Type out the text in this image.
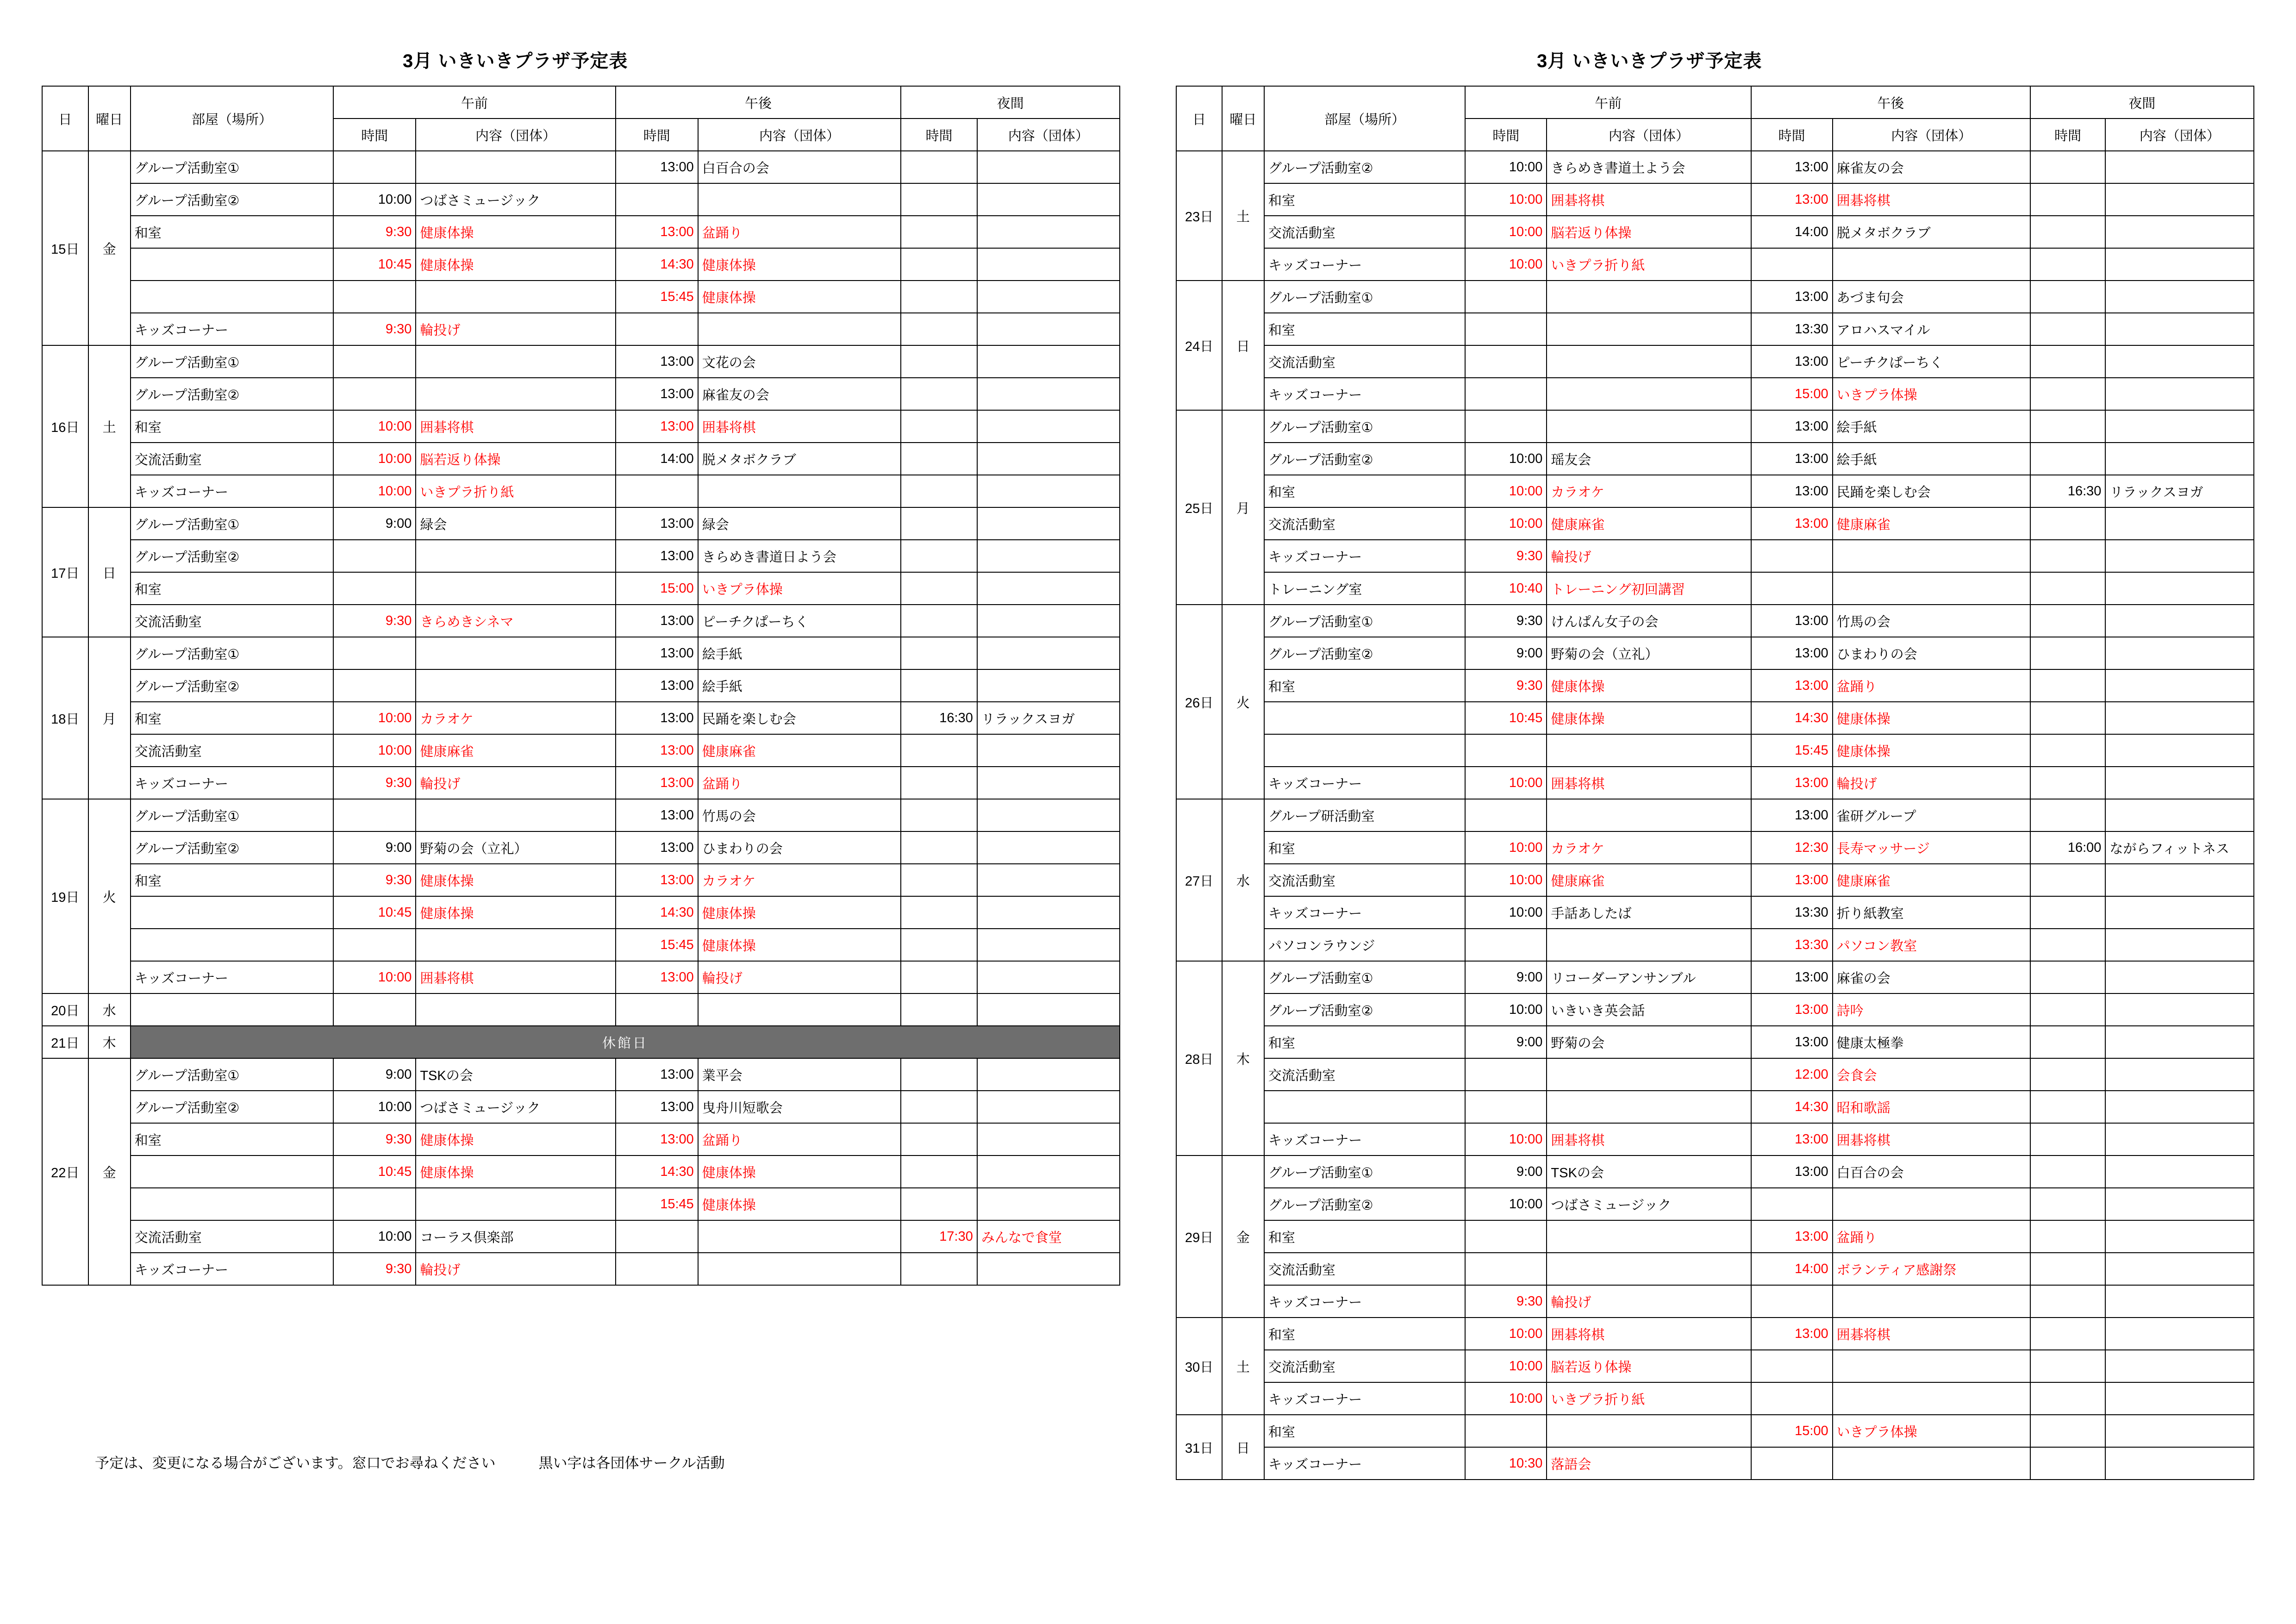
3月 いきいきプラザ予定表
日	曜日	部屋（場所）	午前		午後		夜間	
			時間	内容（団体）	時間	内容（団体）	時間	内容（団体）
15日	金	グループ活動室①			13:00	白百合の会		
		グループ活動室②	10:00	つばさミュージック				
		和室	9:30	健康体操	13:00	盆踊り		
			10:45	健康体操	14:30	健康体操		
					15:45	健康体操		
		キッズコーナー	9:30	輪投げ				
16日	土	グループ活動室①			13:00	文花の会		
		グループ活動室②			13:00	麻雀友の会		
		和室	10:00	囲碁将棋	13:00	囲碁将棋		
		交流活動室	10:00	脳若返り体操	14:00	脱メタボクラブ		
		キッズコーナー	10:00	いきプラ折り紙				
17日	日	グループ活動室①	9:00	緑会	13:00	緑会		
		グループ活動室②			13:00	きらめき書道日よう会		
		和室			15:00	いきプラ体操		
		交流活動室	9:30	きらめきシネマ	13:00	ピーチクぱーちく		
18日	月	グループ活動室①			13:00	絵手紙		
		グループ活動室②			13:00	絵手紙		
		和室	10:00	カラオケ	13:00	民踊を楽しむ会	16:30	リラックスヨガ
		交流活動室	10:00	健康麻雀	13:00	健康麻雀		
		キッズコーナー	9:30	輪投げ	13:00	盆踊り		
19日	火	グループ活動室①			13:00	竹馬の会		
		グループ活動室②	9:00	野菊の会（立礼）	13:00	ひまわりの会		
		和室	9:30	健康体操	13:00	カラオケ		
			10:45	健康体操	14:30	健康体操		
					15:45	健康体操		
		キッズコーナー	10:00	囲碁将棋	13:00	輪投げ		
20日	水							
21日	木	休館日						
22日	金	グループ活動室①	9:00	TSKの会	13:00	業平会		
		グループ活動室②	10:00	つばさミュージック	13:00	曳舟川短歌会		
		和室	9:30	健康体操	13:00	盆踊り		
			10:45	健康体操	14:30	健康体操		
					15:45	健康体操		
		交流活動室	10:00	コーラス倶楽部			17:30	みんなで食堂
		キッズコーナー	9:30	輪投げ				
予定は、変更になる場合がございます。窓口でお尋ねください　　　黒い字は各団体サークル活動
3月 いきいきプラザ予定表
日	曜日	部屋（場所）	午前		午後		夜間	
			時間	内容（団体）	時間	内容（団体）	時間	内容（団体）
23日	土	グループ活動室②	10:00	きらめき書道土よう会	13:00	麻雀友の会		
		和室	10:00	囲碁将棋	13:00	囲碁将棋		
		交流活動室	10:00	脳若返り体操	14:00	脱メタボクラブ		
		キッズコーナー	10:00	いきプラ折り紙				
24日	日	グループ活動室①			13:00	あづま句会		
		和室			13:30	アロハスマイル		
		交流活動室			13:00	ピーチクぱーちく		
		キッズコーナー			15:00	いきプラ体操		
25日	月	グループ活動室①			13:00	絵手紙		
		グループ活動室②	10:00	瑶友会	13:00	絵手紙		
		和室	10:00	カラオケ	13:00	民踊を楽しむ会	16:30	リラックスヨガ
		交流活動室	10:00	健康麻雀	13:00	健康麻雀		
		キッズコーナー	9:30	輪投げ				
		トレーニング室	10:40	トレーニング初回講習				
26日	火	グループ活動室①	9:30	けんぱん女子の会	13:00	竹馬の会		
		グループ活動室②	9:00	野菊の会（立礼）	13:00	ひまわりの会		
		和室	9:30	健康体操	13:00	盆踊り		
			10:45	健康体操	14:30	健康体操		
					15:45	健康体操		
		キッズコーナー	10:00	囲碁将棋	13:00	輪投げ		
27日	水	グループ研活動室			13:00	雀研グループ		
		和室	10:00	カラオケ	12:30	長寿マッサージ	16:00	ながらフィットネス
		交流活動室	10:00	健康麻雀	13:00	健康麻雀		
		キッズコーナー	10:00	手話あしたば	13:30	折り紙教室		
		パソコンラウンジ			13:30	パソコン教室		
28日	木	グループ活動室①	9:00	リコーダーアンサンブル	13:00	麻雀の会		
		グループ活動室②	10:00	いきいき英会話	13:00	詩吟		
		和室	9:00	野菊の会	13:00	健康太極拳		
		交流活動室			12:00	会食会		
					14:30	昭和歌謡		
		キッズコーナー	10:00	囲碁将棋	13:00	囲碁将棋		
29日	金	グループ活動室①	9:00	TSKの会	13:00	白百合の会		
		グループ活動室②	10:00	つばさミュージック				
		和室			13:00	盆踊り		
		交流活動室			14:00	ボランティア感謝祭		
		キッズコーナー	9:30	輪投げ				
30日	土	和室	10:00	囲碁将棋	13:00	囲碁将棋		
		交流活動室	10:00	脳若返り体操				
		キッズコーナー	10:00	いきプラ折り紙				
31日	日	和室			15:00	いきプラ体操		
		キッズコーナー	10:30	落語会				
